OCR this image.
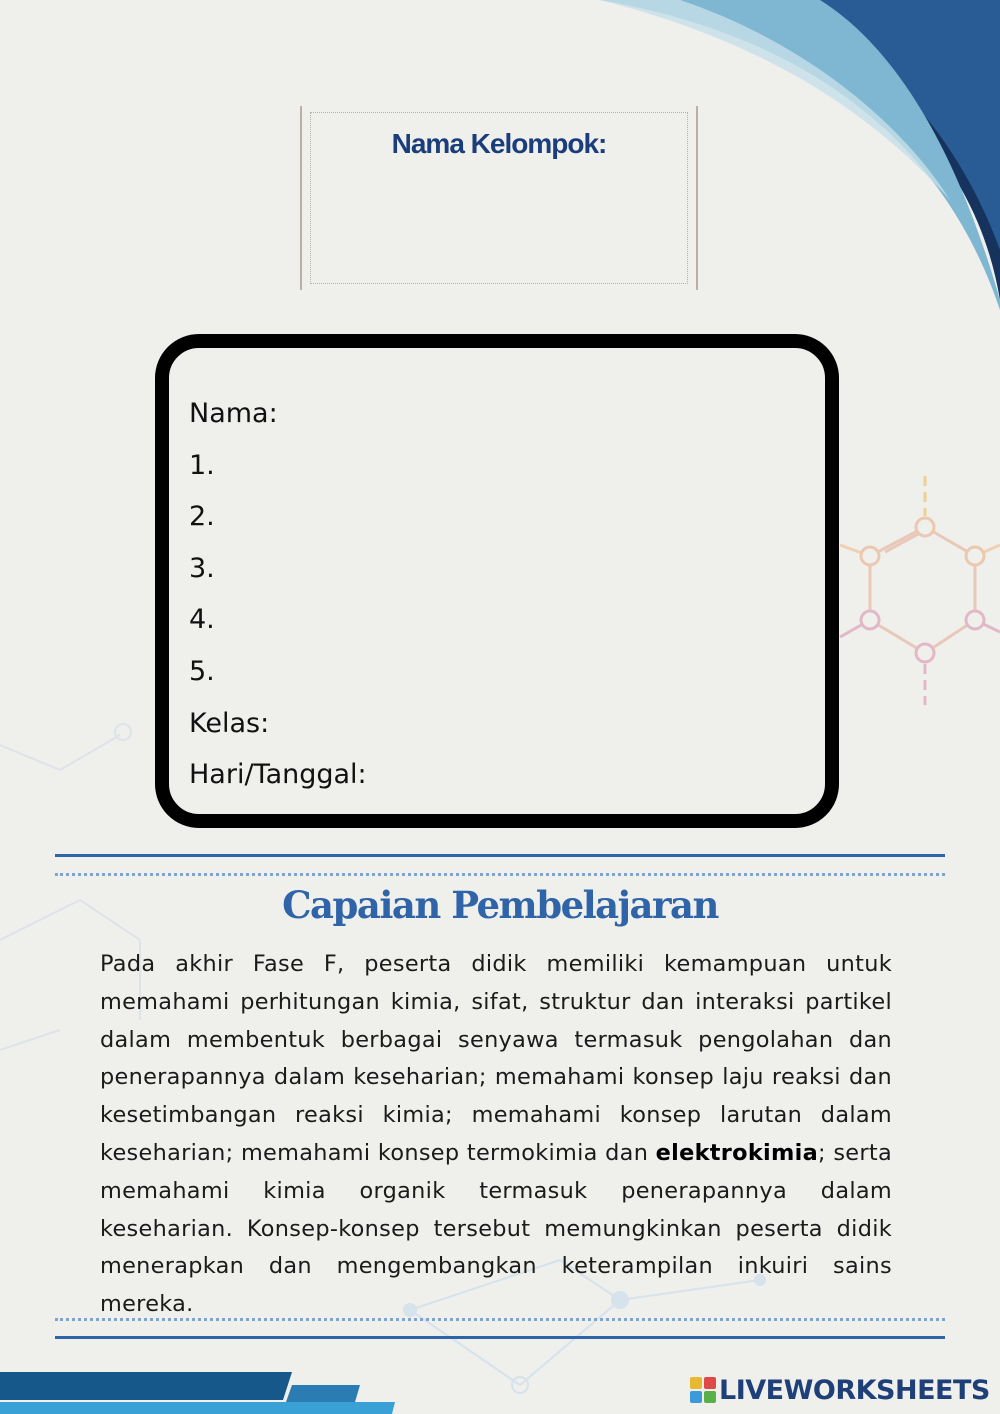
Nama Kelompok:
Nama:
1.
2.
3.
4.
5.
Kelas:
Hari/Tanggal:
Capaian Pembelajaran

Pada akhir Fase F, peserta didik memiliki kemampuan untuk memahami perhitungan kimia, sifat, struktur dan interaksi partikel dalam membentuk berbagai senyawa termasuk pengolahan dan penerapannya dalam keseharian; memahami konsep laju reaksi dan kesetimbangan reaksi kimia; memahami konsep larutan dalam keseharian; memahami konsep termokimia dan elektrokimia; serta memahami kimia organik termasuk penerapannya dalam keseharian. Konsep-konsep tersebut memungkinkan peserta didik menerapkan dan mengembangkan keterampilan inkuiri sains mereka.

LIVEWORKSHEETS
